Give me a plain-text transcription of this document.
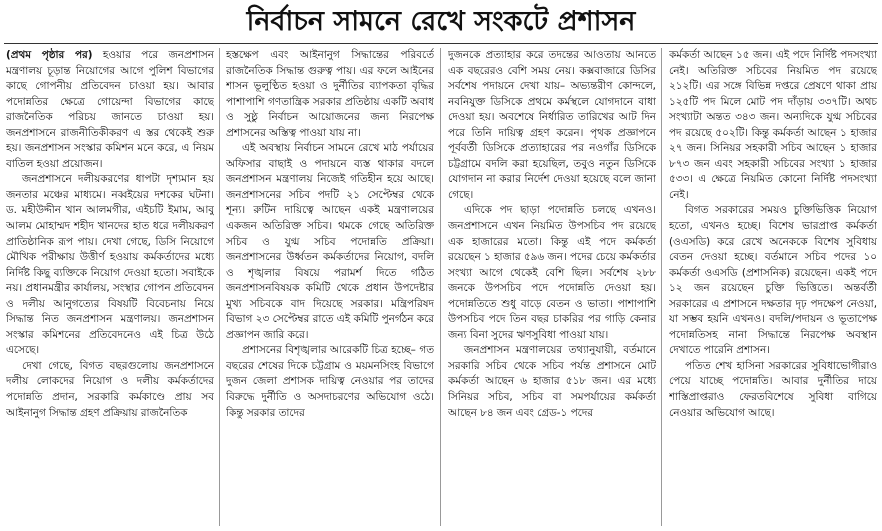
নির্বাচন সামনে রেখে সংকটে প্রশাসন

(প্রথম পৃষ্ঠার পর) হওয়ার পরে জনপ্রশাসন মন্ত্রণালয় চূড়ান্ত নিয়োগের আগে পুলিশ বিভাগের কাছে গোপনীয় প্রতিবেদন চাওয়া হয়। আবার পদোন্নতির ক্ষেত্রে গোয়েন্দা বিভাগের কাছে রাজনৈতিক পরিচয় জানতে চাওয়া হয়। জনপ্রশাসনে রাজনীতিকীকরণ এ স্তর থেকেই শুরু হয়। জনপ্রশাসন সংস্কার কমিশন মনে করে, এ নিয়ম বাতিল হওয়া প্রয়োজন।

জনপ্রশাসনে দলীয়করণের ধাপটা দৃশ্যমান হয় জনতার মঞ্চের মাধ্যমে। নব্বইয়ের দশকের ঘটনা। ড. মহীউদ্দীন খান আলমগীর, এইচটি ইমাম, আবু আলম মোহাম্মদ শহীদ খানদের হাত ধরে দলীয়করণ প্রাতিষ্ঠানিক রূপ পায়। দেখা গেছে, ডিসি নিয়োগে মৌখিক পরীক্ষায় উত্তীর্ণ হওয়ায় কর্মকর্তাদের মধ্যে নির্দিষ্ট কিছু ব্যক্তিকে নিয়োগ দেওয়া হতো। সবাইকে নয়। প্রধানমন্ত্রীর কার্যালয়, সংস্থার গোপন প্রতিবেদন ও দলীয় আনুগত্যের বিষয়টি বিবেচনায় নিয়ে সিদ্ধান্ত নিত জনপ্রশাসন মন্ত্রণালয়। জনপ্রশাসন সংস্কার কমিশনের প্রতিবেদনেও এই চিত্র উঠে এসেছে।

দেখা গেছে, বিগত বছরগুলোয় জনপ্রশাসনে দলীয় লোকদের নিয়োগ ও দলীয় কর্মকর্তাদের পদোন্নতি প্রদান, সরকারি কর্মকাণ্ডে প্রায় সব আইনানুগ সিদ্ধান্ত গ্রহণ প্রক্রিয়ায় রাজনৈতিক

হস্তক্ষেপ এবং আইনানুগ সিদ্ধান্তের পরিবর্তে রাজনৈতিক সিদ্ধান্ত গুরুত্ব পায়। এর ফলে আইনের শাসন ভূলুণ্ঠিত হওয়া ও দুর্নীতির ব্যাপকতা বৃদ্ধির পাশাপাশি গণতান্ত্রিক সরকার প্রতিষ্ঠায় একটি অবাধ ও সুষ্ঠু নির্বাচন আয়োজনের জন্য নিরপেক্ষ প্রশাসনের অস্তিত্ব পাওয়া যায় না।

এই অবস্থায় নির্বাচন সামনে রেখে মাঠ পর্যায়ের অফিসার বাছাই ও পদায়নে ব্যস্ত থাকার বদলে জনপ্রশাসন মন্ত্রণালয় নিজেই গতিহীন হয়ে আছে। জনপ্রশাসনের সচিব পদটি ২১ সেপ্টেম্বর থেকে শূন্য। রুটিন দায়িত্বে আছেন একই মন্ত্রণালয়ের একজন অতিরিক্ত সচিব। থমকে গেছে অতিরিক্ত সচিব ও যুগ্ম সচিব পদোন্নতি প্রক্রিয়া। জনপ্রশাসনের উর্ধ্বতন কর্মকর্তাদের নিয়োগ, বদলি ও শৃঙ্খলার বিষয়ে পরামর্শ দিতে গঠিত জনপ্রশাসনবিষয়ক কমিটি থেকে প্রধান উপদেষ্টার মুখ্য সচিবকে বাদ দিয়েছে সরকার। মন্ত্রিপরিষদ বিভাগ ২৩ সেপ্টেম্বর রাতে এই কমিটি পুনর্গঠন করে প্রজ্ঞাপন জারি করে।

প্রশাসনের বিশৃঙ্খলার আরেকটি চিত্র হচ্ছে– গত বছরের শেষের দিকে চট্টগ্রাম ও ময়মনসিংহ বিভাগে দুজন জেলা প্রশাসক দায়িত্ব নেওয়ার পর তাদের বিরুদ্ধে দুর্নীতি ও অসদাচরণের অভিযোগ ওঠে। কিন্তু সরকার তাদের

দুজনকে প্রত্যাহার করে তদন্তের আওতায় আনতে এক বছরেরও বেশি সময় নেয়। কক্সবাজারে ডিসির সর্বশেষ পদায়নে দেখা যায়– অভ্যন্তরীণ কোন্দলে, নবনিযুক্ত ডিসিকে প্রথমে কর্মস্থলে যোগদানে বাধা দেওয়া হয়। অবশেষে নির্ধারিত তারিখের আট দিন পরে তিনি দায়িত্ব গ্রহণ করেন। পৃথক প্রজ্ঞাপনে পূর্ববর্তী ডিসিকে প্রত্যাহারের পর নওগাঁর ডিসিকে চট্টগ্রামে বদলি করা হয়েছিল, তবুও নতুন ডিসিকে যোগদান না করার নির্দেশ দেওয়া হয়েছে বলে জানা গেছে।

এদিকে পদ ছাড়া পদোন্নতি চলছে এখনও। জনপ্রশাসনে এখন নিয়মিত উপসচিব পদ রয়েছে এক হাজারের মতো। কিন্তু এই পদে কর্মকর্তা রয়েছেন ১ হাজার ৫৯৬ জন। পদের চেয়ে কর্মকর্তার সংখ্যা আগে থেকেই বেশি ছিল। সর্বশেষ ২৮৮ জনকে উপসচিব পদে পদোন্নতি দেওয়া হয়। পদোন্নতিতে শুধু বাড়ে বেতন ও ভাতা। পাশাপাশি উপসচিব পদে তিন বছর চাকরির পর গাড়ি কেনার জন্য বিনা সুদের ঋণসুবিধা পাওয়া যায়।

জনপ্রশাসন মন্ত্রণালয়ের তথ্যানুযায়ী, বর্তমানে সরকারি সচিব থেকে সচিব পর্যন্ত প্রশাসনে মোট কর্মকর্তা আছেন ৬ হাজার ৫১৮ জন। এর মধ্যে সিনিয়র সচিব, সচিব বা সমপর্যায়ের কর্মকর্তা আছেন ৮৪ জন এবং গ্রেড-১ পদের

কর্মকর্তা আছেন ১৫ জন। এই পদে নির্দিষ্ট পদসংখ্যা নেই। অতিরিক্ত সচিবের নিয়মিত পদ রয়েছে ২১২টি। এর সঙ্গে বিভিন্ন দপ্তরে প্রেষণে থাকা প্রায় ১২৫টি পদ মিলে মোট পদ দাঁড়ায় ৩৩৭টি। অথচ সংখ্যাটা অন্তত ৩৪৩ জন। অন্যদিকে যুগ্ম সচিবের পদ রয়েছে ৫০২টি। কিন্তু কর্মকর্তা আছেন ১ হাজার ২৭ জন। সিনিয়র সহকারী সচিব আছেন ১ হাজার ৮৭৩ জন এবং সহকারী সচিবের সংখ্যা ১ হাজার ৫৩৩। এ ক্ষেত্রে নিয়মিত কোনো নির্দিষ্ট পদসংখ্যা নেই।

বিগত সরকারের সময়ও চুক্তিভিত্তিক নিয়োগ হতো, এখনও হচ্ছে। বিশেষ ভারপ্রাপ্ত কর্মকর্তা (ওএসডি) করে রেখে অনেককে বিশেষ সুবিধায় বেতন দেওয়া হচ্ছে। বর্তমানে সচিব পদের ১০ কর্মকর্তা ওএসডি (প্রশাসনিক) রয়েছেন। একই পদে ১২ জন রয়েছেন চুক্তি ভিত্তিতে। অন্তর্বর্তী সরকারের এ প্রশাসনে দক্ষতার দৃঢ় পদক্ষেপ নেওয়া, যা সম্ভব হয়নি এখনও। বদলি/পদায়ন ও ভূতাপেক্ষ পদোন্নতিসহ নানা সিদ্ধান্তে নিরপেক্ষ অবস্থান দেখাতে পারেনি প্রশাসন।

পতিত শেখ হাসিনা সরকারের সুবিধাভোগীরাও পেয়ে যাচ্ছে পদোন্নতি। আবার দুর্নীতির দায়ে শাস্তিপ্রাপ্তরাও ফেরতবিশেষে সুবিধা বাগিয়ে নেওয়ার অভিযোগ আছে।
